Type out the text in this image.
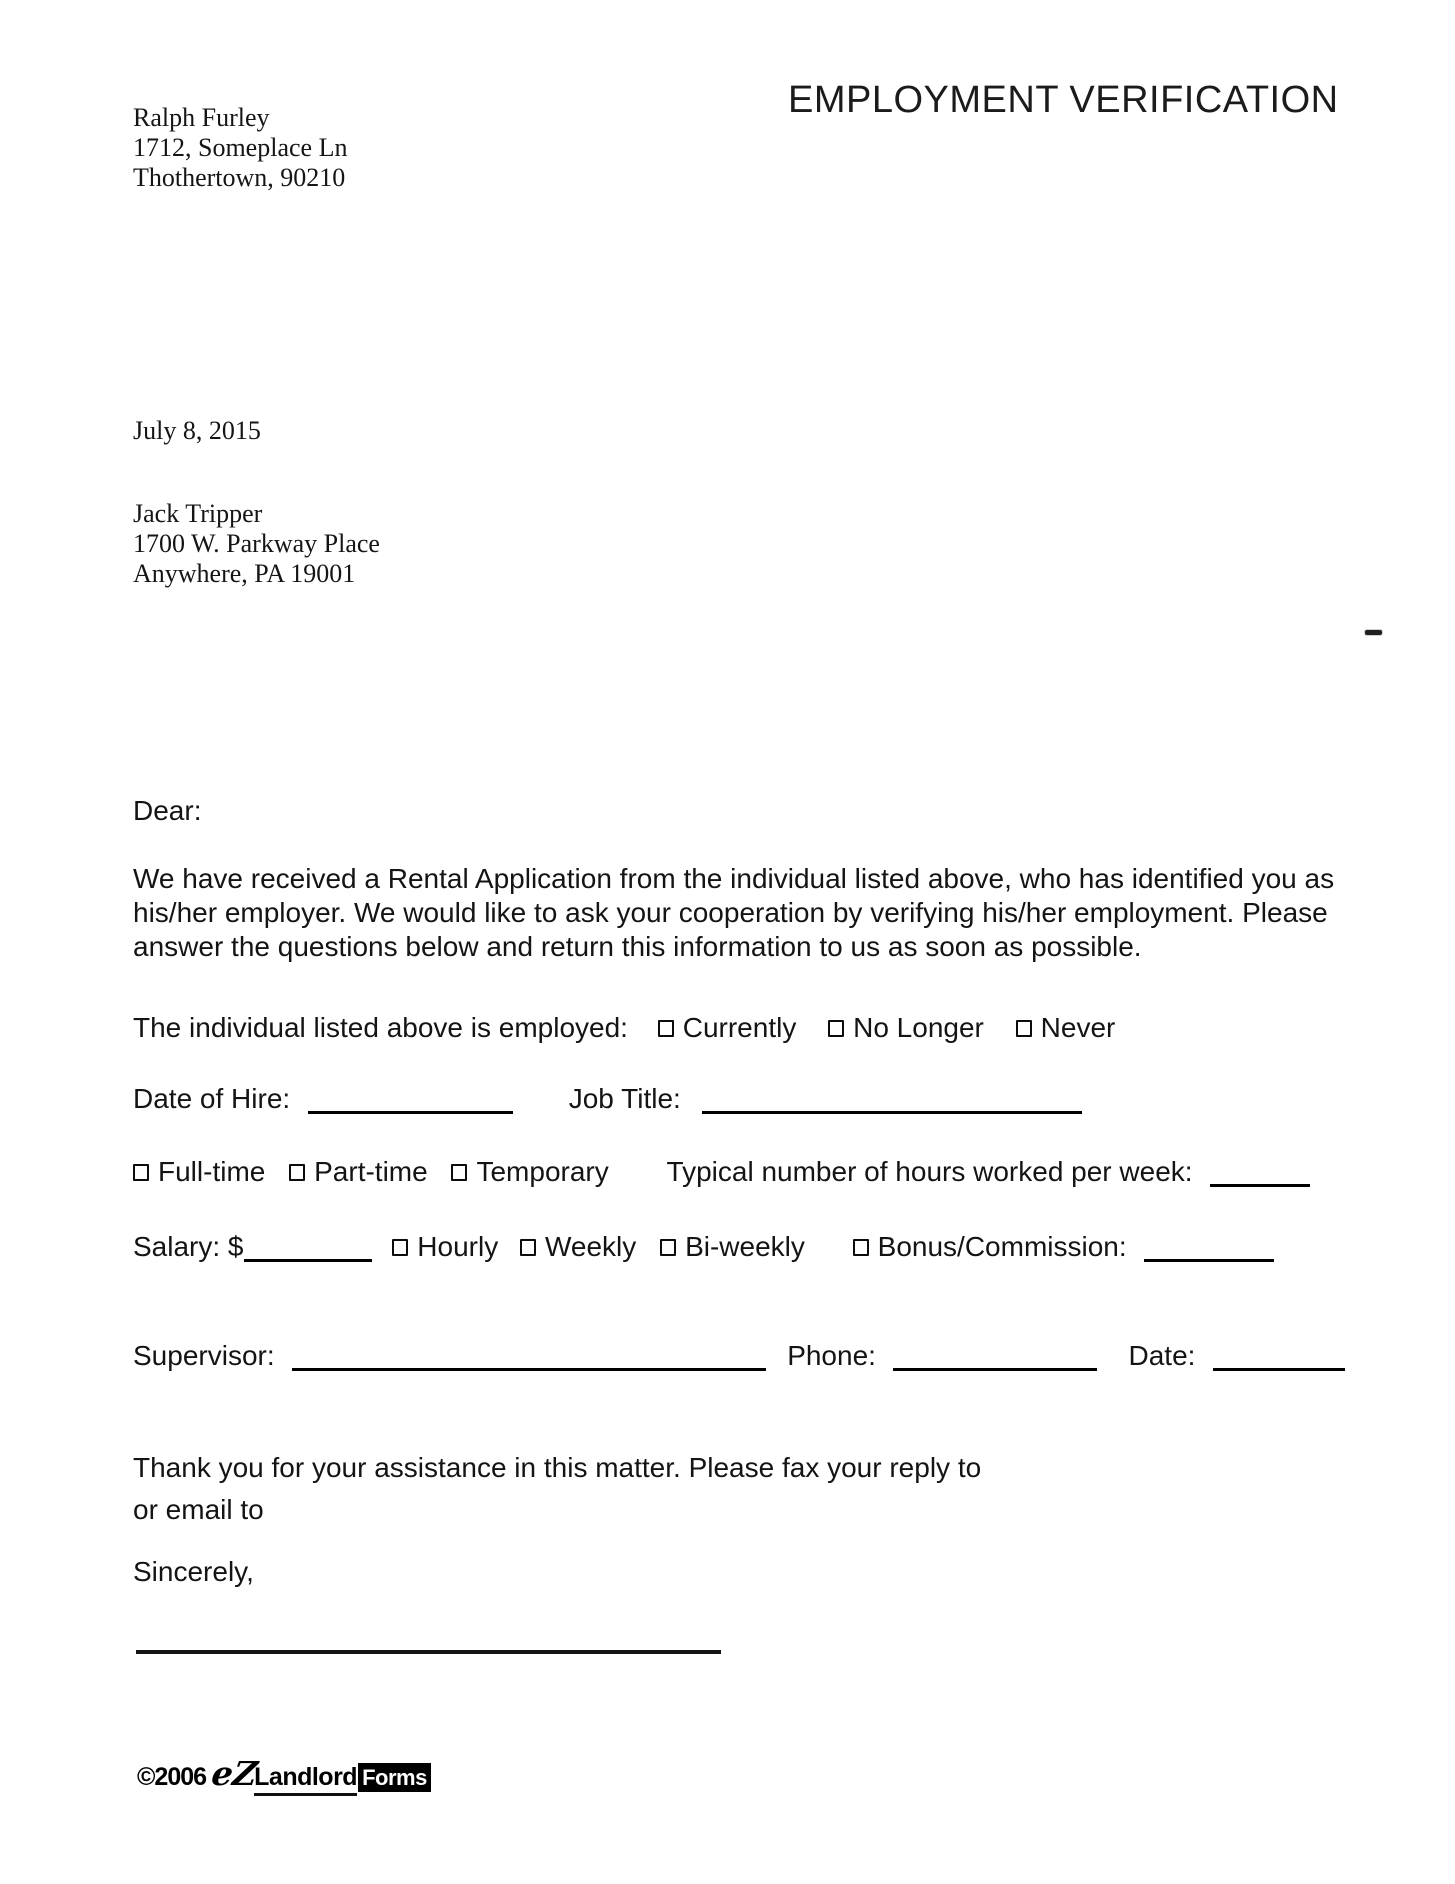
Ralph Furley
1712, Someplace Ln
Thothertown, 90210
EMPLOYMENT VERIFICATION
July 8, 2015
Jack Tripper
1700 W. Parkway Place
Anywhere, PA 19001
Dear:
We have received a Rental Application from the individual listed above, who has identified you as his/her employer. We would like to ask your cooperation by verifying his/her employment. Please answer the questions below and return this information to us as soon as possible.
The individual listed above is employed: Currently No Longer Never
Date of Hire:	Job Title:
Full-time Part-time Temporary Typical number of hours worked per week:
Salary: $	Hourly Weekly Bi-weekly	Bonus/Commission:
Supervisor:	Phone:	Date:
Thank you for your assistance in this matter. Please fax your reply to
or email to
Sincerely,
©2006 eZ
Landlord Forms
